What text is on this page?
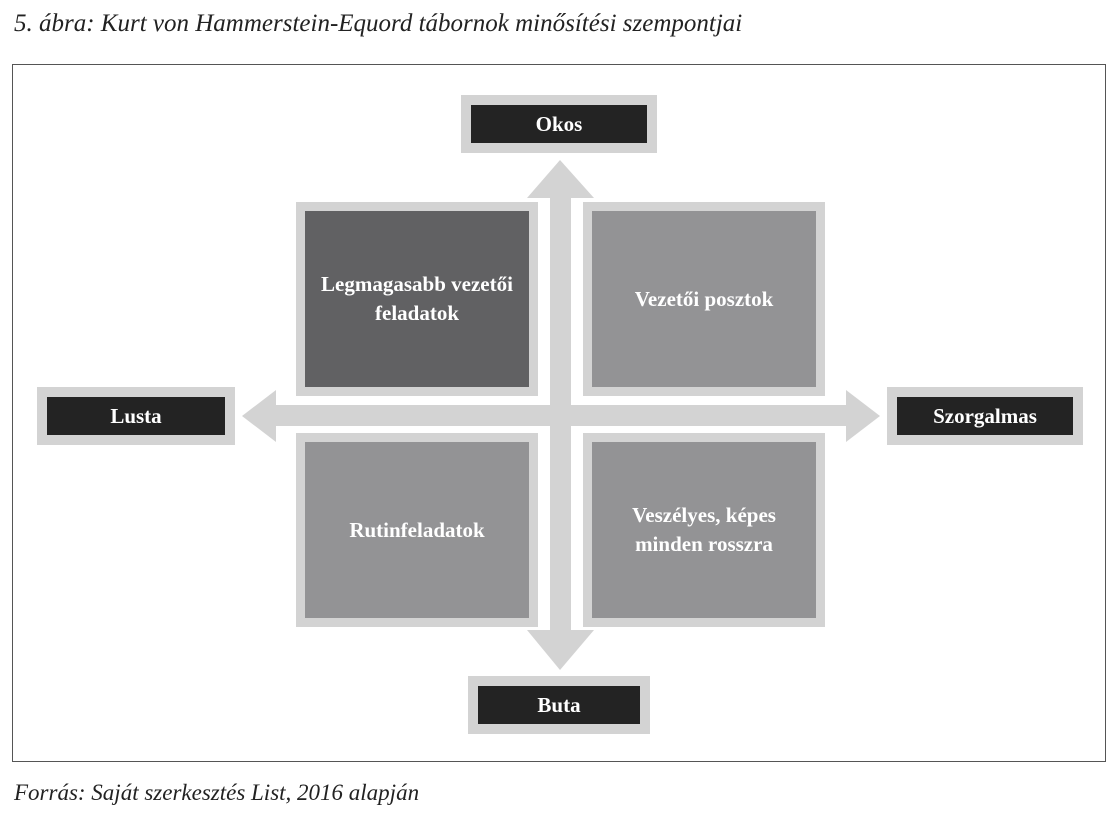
5. ábra: Kurt von Hammerstein-Equord tábornok minősítési szempontjai
Okos
Buta
Lusta	Szorgalmas
Legmagasabb vezetői feladatok
Vezetői posztok
Rutinfeladatok
Veszélyes, képes minden rosszra
Forrás: Saját szerkesztés List, 2016 alapján
